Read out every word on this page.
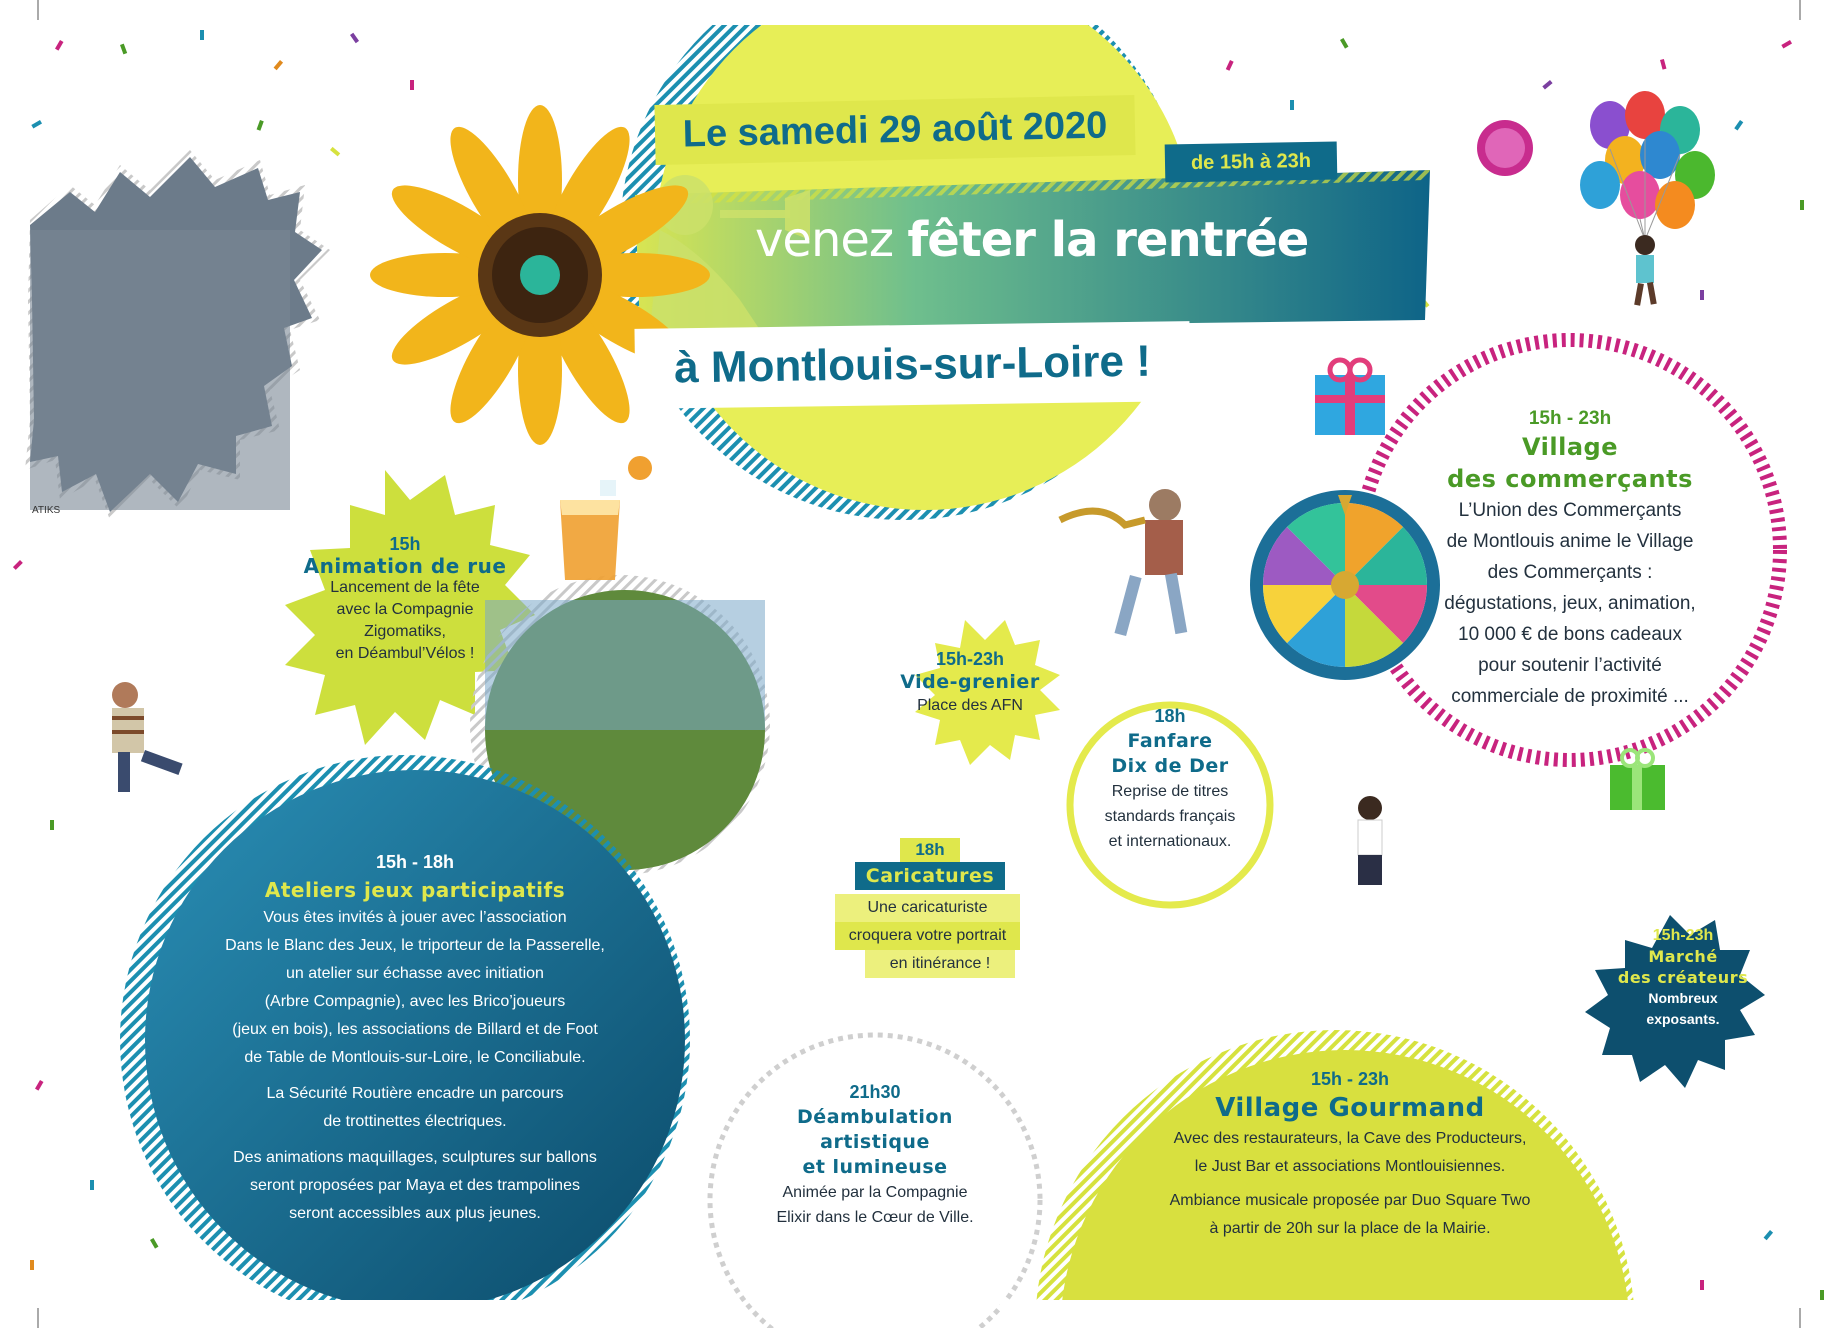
ATIKS
Le samedi 29 août 2020
de 15h à 23h
venez fêter la rentrée
à Montlouis-sur-Loire !
15h
Animation de rue
Lancement de la fête
avec la Compagnie
Zigomatiks,
en Déambul’Vélos !	15h-23h
Vide-grenier
Place des AFN
18h
Fanfare
Dix de Der
Reprise de titres
standards français
et internationaux.
15h - 23h
Village
des commerçants
L’Union des Commerçants
de Montlouis anime le Village
des Commerçants :
dégustations, jeux, animation,
10 000 € de bons cadeaux
pour soutenir l’activité
commerciale de proximité ...
15h - 18h
Ateliers jeux participatifs
Vous êtes invités à jouer avec l’association
Dans le Blanc des Jeux, le triporteur de la Passerelle,
un atelier sur échasse avec initiation
(Arbre Compagnie), avec les Brico’joueurs
(jeux en bois), les associations de Billard et de Foot
de Table de Montlouis-sur-Loire, le Conciliabule.
La Sécurité Routière encadre un parcours
de trottinettes électriques.
Des animations maquillages, sculptures sur ballons
seront proposées par Maya et des trampolines
seront accessibles aux plus jeunes.
18h
Caricatures
Une caricaturiste
croquera votre portrait
en itinérance !
21h30
Déambulation
artistique
et lumineuse
Animée par la Compagnie
Elixir dans le Cœur de Ville.
15h-23h
Marché
des créateurs
Nombreux
exposants.
15h - 23h
Village Gourmand
Avec des restaurateurs, la Cave des Producteurs,
le Just Bar et associations Montlouisiennes.
Ambiance musicale proposée par Duo Square Two
à partir de 20h sur la place de la Mairie.
